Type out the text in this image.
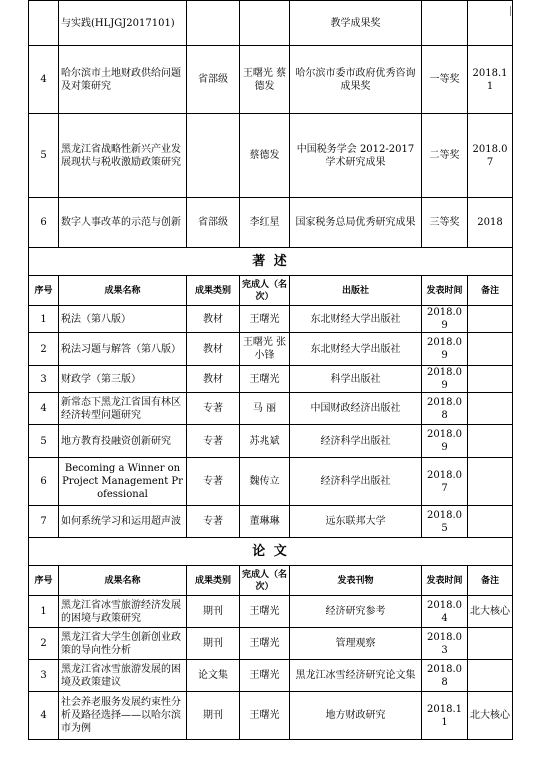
	与实践(HLJGJ2017101)			教学成果奖		
4	哈尔滨市土地财政供给问题及对策研究	省部级	王曙光 蔡德发	哈尔滨市委市政府优秀咨询成果奖	一等奖	2018.11
5	黑龙江省战略性新兴产业发展现状与税收激励政策研究		蔡德发	中国税务学会 2012-2017学术研究成果	二等奖	2018.07
6	数字人事改革的示范与创新	省部级	李红星	国家税务总局优秀研究成果	三等奖	2018
著 述						
序号	成果名称	成果类别	完成人（名次）	出版社	发表时间	备注
1	税法（第八版）	教材	王曙光	东北财经大学出版社	2018.09	
2	税法习题与解答（第八版）	教材	王曙光 张小锋	东北财经大学出版社	2018.09	
3	财政学（第三版）	教材	王曙光	科学出版社	2018.09	
4	新常态下黑龙江省国有林区经济转型问题研究	专著	马 丽	中国财政经济出版社	2018.08	
5	地方教育投融资创新研究	专著	苏兆斌	经济科学出版社	2018.09	
6	Becoming a Winner on Project Management Professional	专著	魏传立	经济科学出版社	2018.07	
7	如何系统学习和运用超声波	专著	董琳琳	远东联邦大学	2018.05	
论 文						
序号	成果名称	成果类别	完成人（名次）	发表刊物	发表时间	备注
1	黑龙江省冰雪旅游经济发展的困境与政策研究	期刊	王曙光	经济研究参考	2018.04	北大核心
2	黑龙江省大学生创新创业政策的导向性分析	期刊	王曙光	管理观察	2018.03	
3	黑龙江省冰雪旅游发展的困境及政策建议	论文集	王曙光	黑龙江冰雪经济研究论文集	2018.08	
4	社会养老服务发展约束性分析及路径选择——以哈尔滨市为例	期刊	王曙光	地方财政研究	2018.11	北大核心
